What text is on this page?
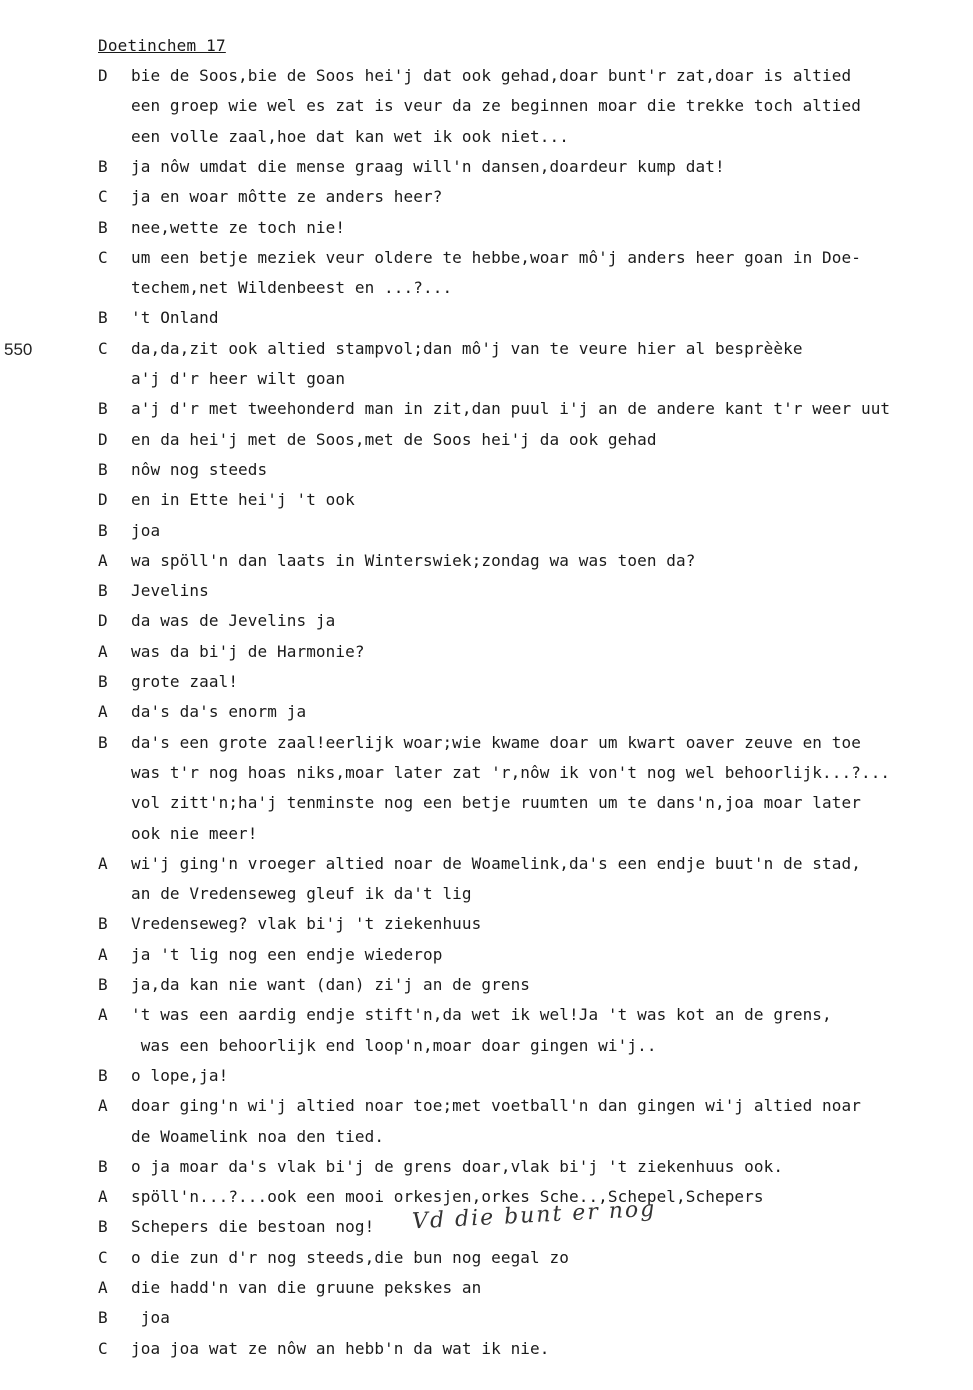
Doetinchem 17
550
D	bie de Soos,bie de Soos hei'j dat ook gehad,doar bunt'r zat,doar is altied
een groep wie wel es zat is veur da ze beginnen moar die trekke toch altied
een volle zaal,hoe dat kan wet ik ook niet...
B	ja nôw umdat die mense graag will'n dansen,doardeur kump dat!
C	ja en woar môtte ze anders heer?
B	nee,wette ze toch nie!
C	um een betje meziek veur oldere te hebbe,woar mô'j anders heer goan in Doe-
techem,net Wildenbeest en ...?...
B	't Onland
C	da,da,zit ook altied stampvol;dan mô'j van te veure hier al besprèèke
a'j d'r heer wilt goan
B	a'j d'r met tweehonderd man in zit,dan puul i'j an de andere kant t'r weer uut
D	en da hei'j met de Soos,met de Soos hei'j da ook gehad
B	nôw nog steeds
D	en in Ette hei'j 't ook
B	joa
A	wa spöll'n dan laats in Winterswiek;zondag wa was toen da?
B	Jevelins
D	da was de Jevelins ja
A	was da bi'j de Harmonie?
B	grote zaal!
A	da's da's enorm ja
B	da's een grote zaal!eerlijk woar;wie kwame doar um kwart oaver zeuve en toe
was t'r nog hoas niks,moar later zat 'r,nôw ik von't nog wel behoorlijk...?...
vol zitt'n;ha'j tenminste nog een betje ruumten um te dans'n,joa moar later
ook nie meer!
A	wi'j ging'n vroeger altied noar de Woamelink,da's een endje buut'n de stad,
an de Vredenseweg gleuf ik da't lig
B	Vredenseweg? vlak bi'j 't ziekenhuus
A	ja 't lig nog een endje wiederop
B	ja,da kan nie want (dan) zi'j an de grens
A	't was een aardig endje stift'n,da wet ik wel!Ja 't was kot an de grens,
was een behoorlijk end loop'n,moar doar gingen wi'j..
B	o lope,ja!
A	doar ging'n wi'j altied noar toe;met voetball'n dan gingen wi'j altied noar
de Woamelink noa den tied.
B	o ja moar da's vlak bi'j de grens doar,vlak bi'j 't ziekenhuus ook.
A	spöll'n...?...ook een mooi orkesjen,orkes Sche..,Schepel,Schepers
B	Schepers die bestoan nog!
C	o die zun d'r nog steeds,die bun nog eegal zo
A	die hadd'n van die gruune pekskes an
B	joa
C	joa joa wat ze nôw an hebb'n da wat ik nie.
Vd die bunt er nog
